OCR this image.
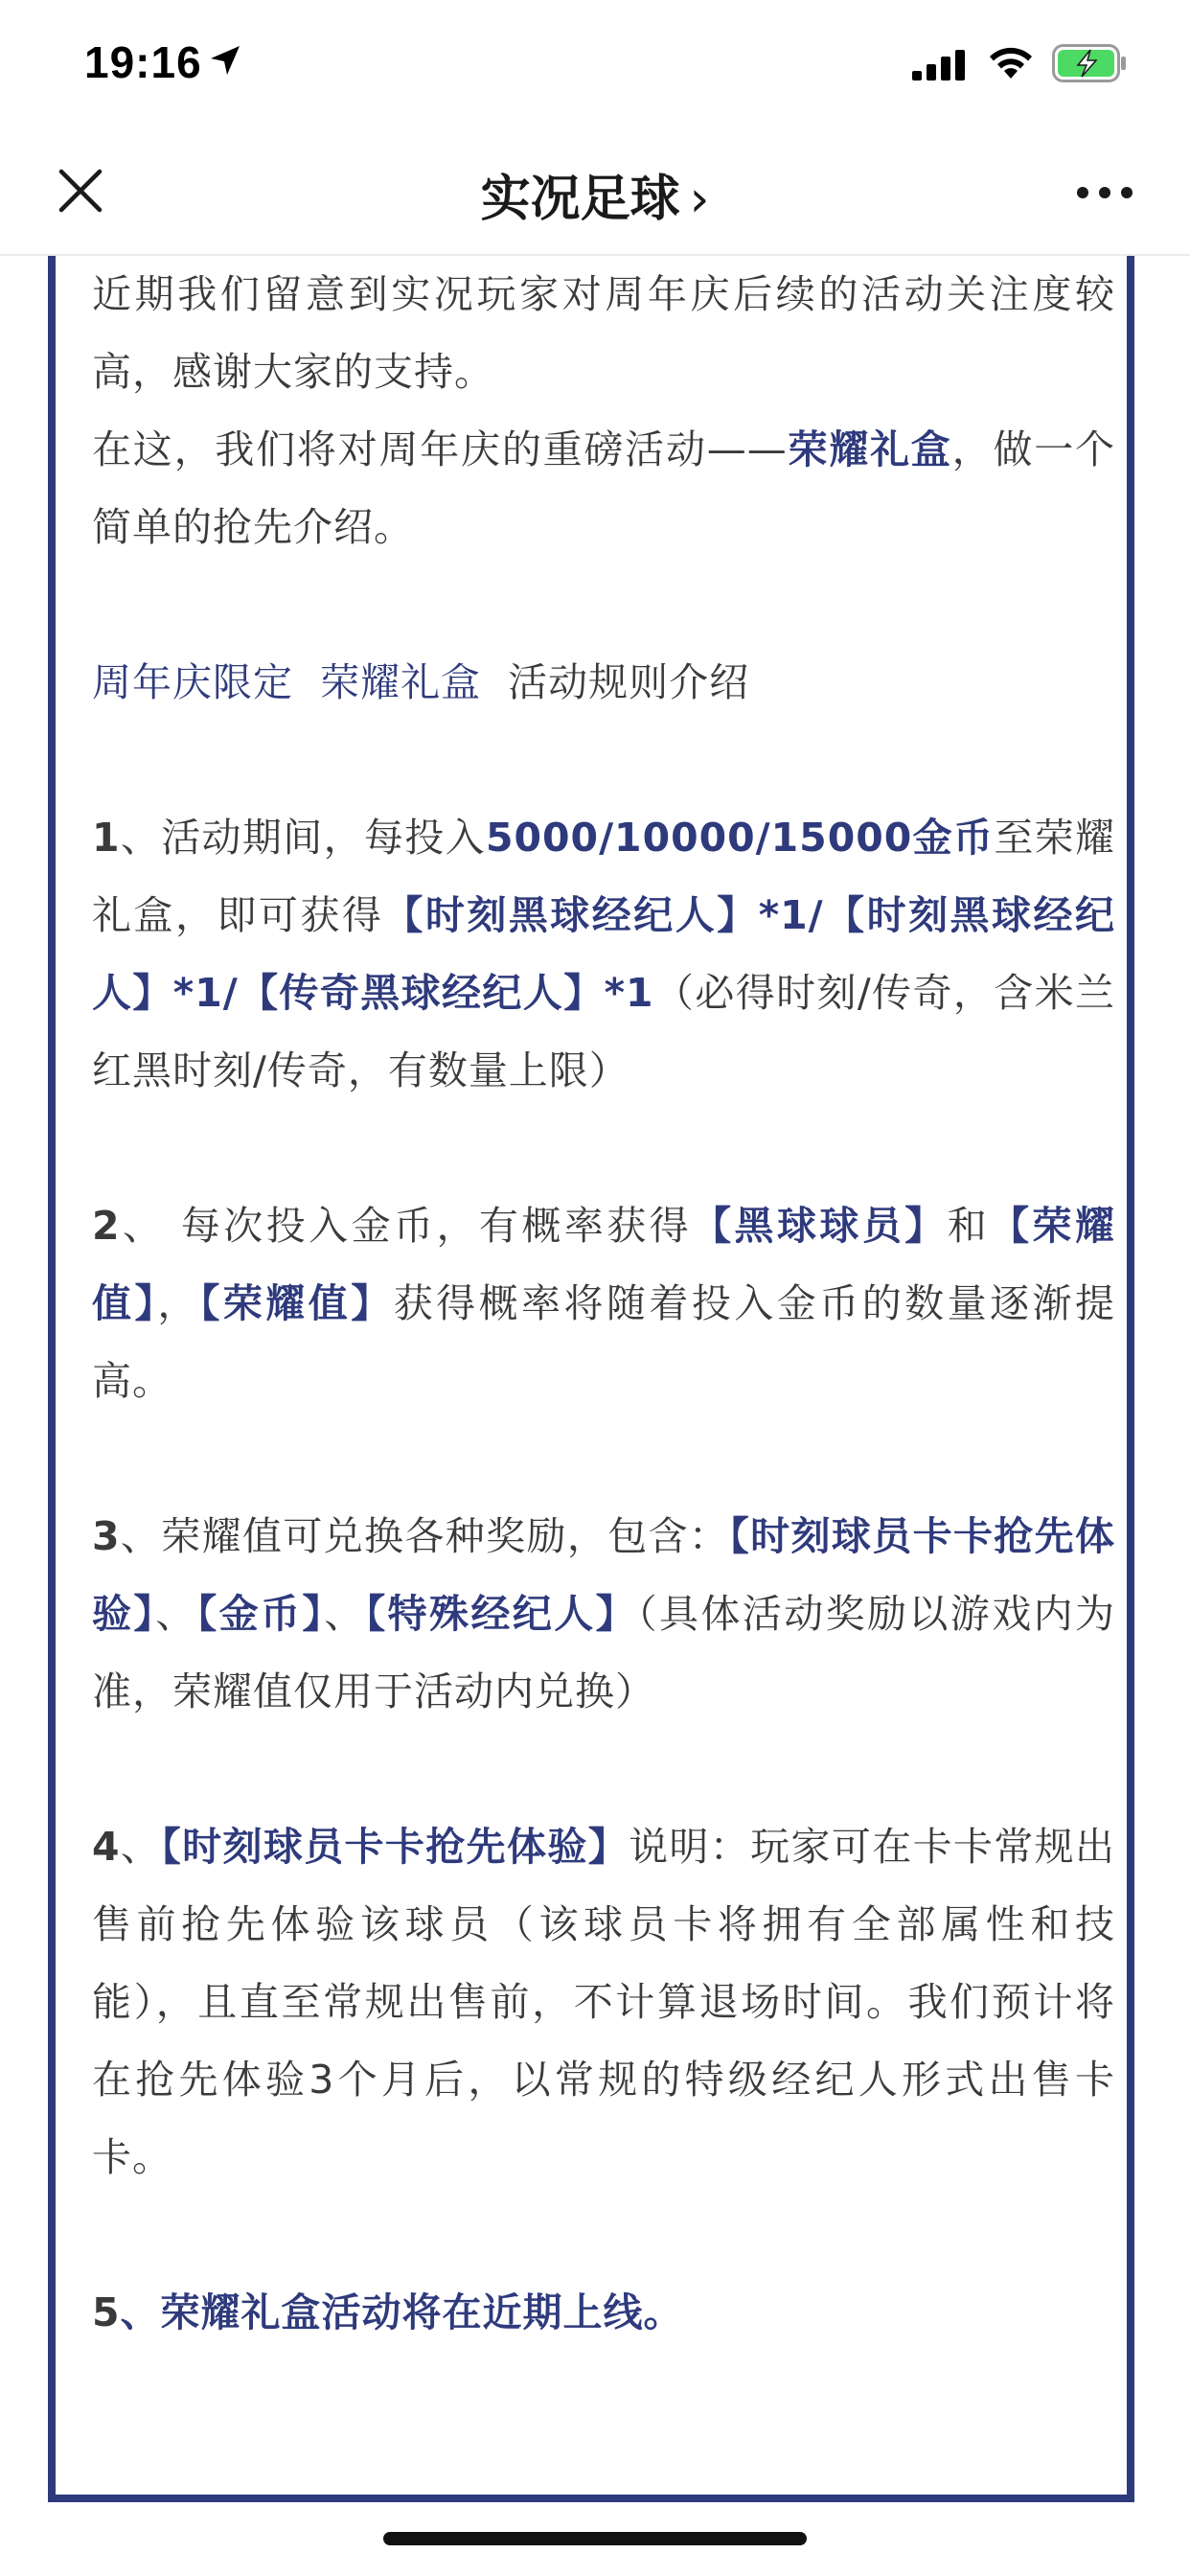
19:16
实况足球 ›

近期我们留意到实况玩家对周年庆后续的活动关注度较高，感谢大家的支持。

在这，我们将对周年庆的重磅活动——荣耀礼盒，做一个简单的抢先介绍。

周年庆限定 荣耀礼盒 活动规则介绍

1、活动期间，每投入5000/10000/15000金币至荣耀礼盒，即可获得【时刻黑球经纪人】*1/【时刻黑球经纪人】*1/【传奇黑球经纪人】*1（必得时刻/传奇，含米兰红黑时刻/传奇，有数量上限）

2、 每次投入金币，有概率获得【黑球球员】和【荣耀值】，【荣耀值】获得概率将随着投入金币的数量逐渐提高。

3、荣耀值可兑换各种奖励，包含：【时刻球员卡卡抢先体验】、【金币】、【特殊经纪人】（具体活动奖励以游戏内为准，荣耀值仅用于活动内兑换）

4、【时刻球员卡卡抢先体验】说明：玩家可在卡卡常规出售前抢先体验该球员（该球员卡将拥有全部属性和技能），且直至常规出售前，不计算退场时间。我们预计将在抢先体验3个月后，以常规的特级经纪人形式出售卡卡。

5、荣耀礼盒活动将在近期上线。
